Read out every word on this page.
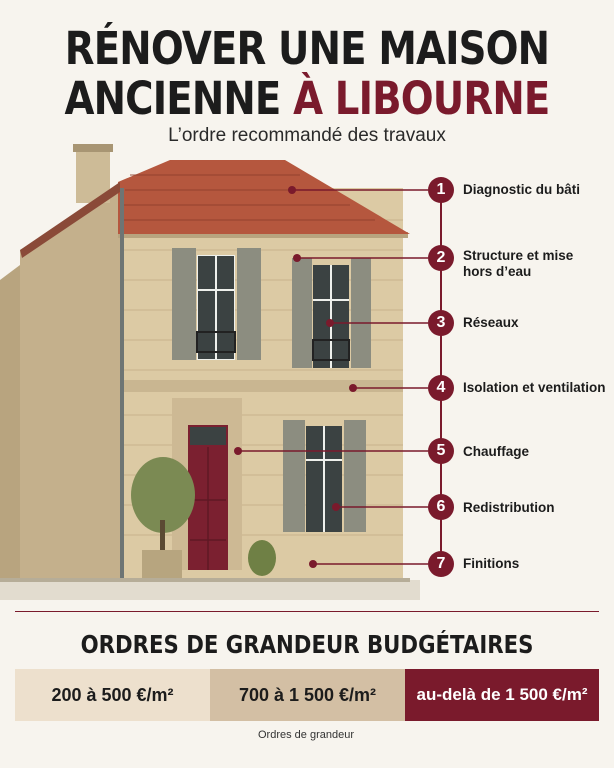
RÉNOVER UNE MAISON
ANCIENNE À LIBOURNE
L’ordre recommandé des travaux
1	Diagnostic du bâti
2	Structure et mise hors d’eau
3	Réseaux
4	Isolation et ventilation
5	Chauffage
6	Redistribution
7	Finitions
ORDRES DE GRANDEUR BUDGÉTAIRES
200 à 500 €/m²	700 à 1 500 €/m²	au-delà de 1 500 €/m²
Ordres de grandeur
